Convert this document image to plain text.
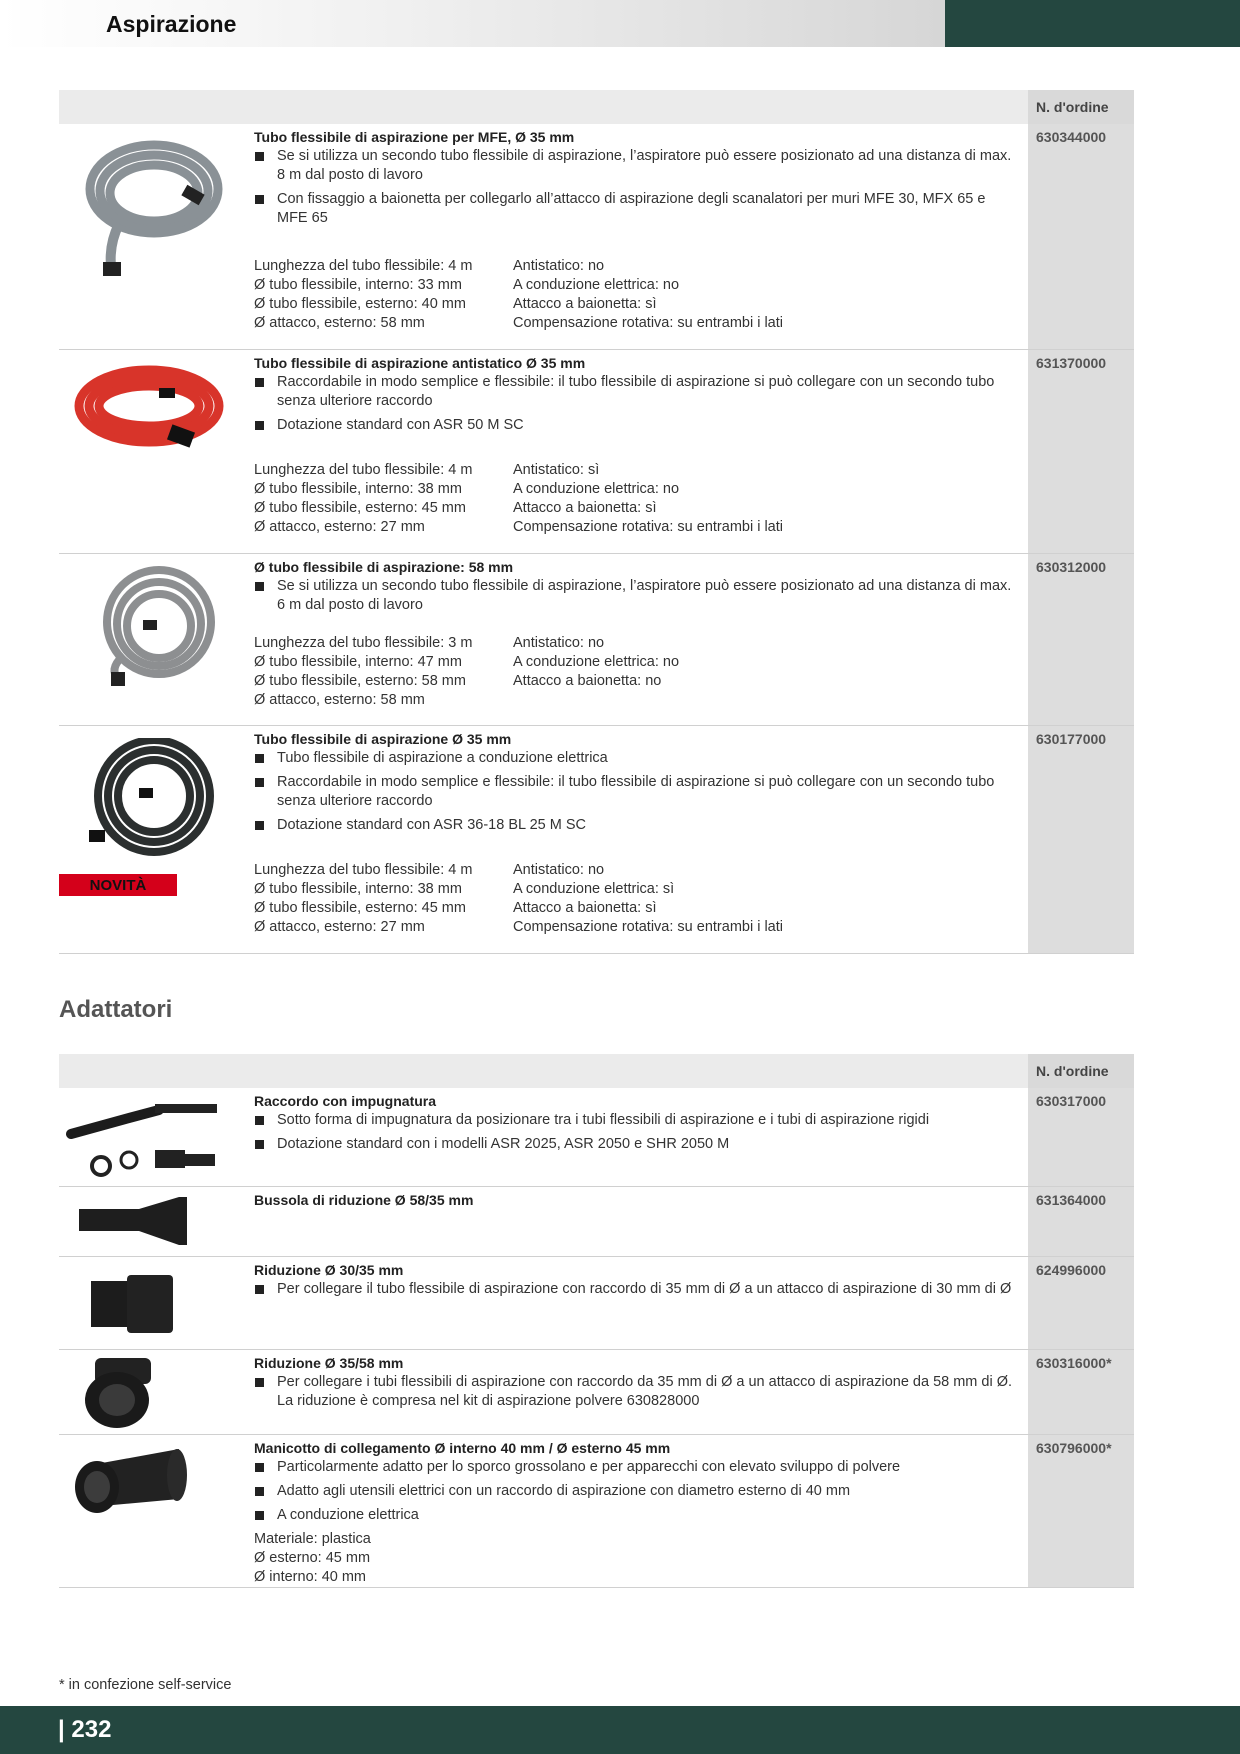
Aspirazione
N. d'ordine
Tubo flessibile di aspirazione per MFE, Ø 35 mm
Se si utilizza un secondo tubo flessibile di aspirazione, l’aspiratore può essere posizionato ad una distanza di max. 8 m dal posto di lavoro
Con fissaggio a baionetta per collegarlo all’attacco di aspirazione degli scanalatori per muri MFE 30, MFX 65 e MFE 65
Lunghezza del tubo flessibile: 4 m
Ø tubo flessibile, interno: 33 mm
Ø tubo flessibile, esterno: 40 mm
Ø attacco, esterno: 58 mm
Antistatico: no
A conduzione elettrica: no
Attacco a baionetta: sì
Compensazione rotativa: su entrambi i lati
630344000
Tubo flessibile di aspirazione antistatico Ø 35 mm
Raccordabile in modo semplice e flessibile: il tubo flessibile di aspirazione si può collegare con un secondo tubo senza ulteriore raccordo
Dotazione standard con ASR 50 M SC
Lunghezza del tubo flessibile: 4 m
Ø tubo flessibile, interno: 38 mm
Ø tubo flessibile, esterno: 45 mm
Ø attacco, esterno: 27 mm
Antistatico: sì
A conduzione elettrica: no
Attacco a baionetta: sì
Compensazione rotativa: su entrambi i lati
631370000
Ø tubo flessibile di aspirazione: 58 mm
Se si utilizza un secondo tubo flessibile di aspirazione, l’aspiratore può essere posizionato ad una distanza di max. 6 m dal posto di lavoro
Lunghezza del tubo flessibile: 3 m
Ø tubo flessibile, interno: 47 mm
Ø tubo flessibile, esterno: 58 mm
Ø attacco, esterno: 58 mm
Antistatico: no
A conduzione elettrica: no
Attacco a baionetta: no
630312000
NOVITÀ
Tubo flessibile di aspirazione Ø 35 mm
Tubo flessibile di aspirazione a conduzione elettrica
Raccordabile in modo semplice e flessibile: il tubo flessibile di aspirazione si può collegare con un secondo tubo senza ulteriore raccordo
Dotazione standard con ASR 36-18 BL 25 M SC
Lunghezza del tubo flessibile: 4 m
Ø tubo flessibile, interno: 38 mm
Ø tubo flessibile, esterno: 45 mm
Ø attacco, esterno: 27 mm
Antistatico: no
A conduzione elettrica: sì
Attacco a baionetta: sì
Compensazione rotativa: su entrambi i lati
630177000
Adattatori
N. d'ordine
Raccordo con impugnatura
Sotto forma di impugnatura da posizionare tra i tubi flessibili di aspirazione e i tubi di aspirazione rigidi
Dotazione standard con i modelli ASR 2025, ASR 2050 e SHR 2050 M
630317000
Bussola di riduzione Ø 58/35 mm	631364000
Riduzione Ø 30/35 mm
Per collegare il tubo flessibile di aspirazione con raccordo di 35 mm di Ø a un attacco di aspirazione di 30 mm di Ø
624996000
Riduzione Ø 35/58 mm
Per collegare i tubi flessibili di aspirazione con raccordo da 35 mm di Ø a un attacco di aspirazione da 58 mm di Ø. La riduzione è compresa nel kit di aspirazione polvere 630828000
630316000*
Manicotto di collegamento Ø interno 40 mm / Ø esterno 45 mm
Particolarmente adatto per lo sporco grossolano e per apparecchi con elevato sviluppo di polvere
Adatto agli utensili elettrici con un raccordo di aspirazione con diametro esterno di 40 mm
A conduzione elettrica
Materiale: plastica
Ø esterno: 45 mm
Ø interno: 40 mm
630796000*
* in confezione self-service
| 232
